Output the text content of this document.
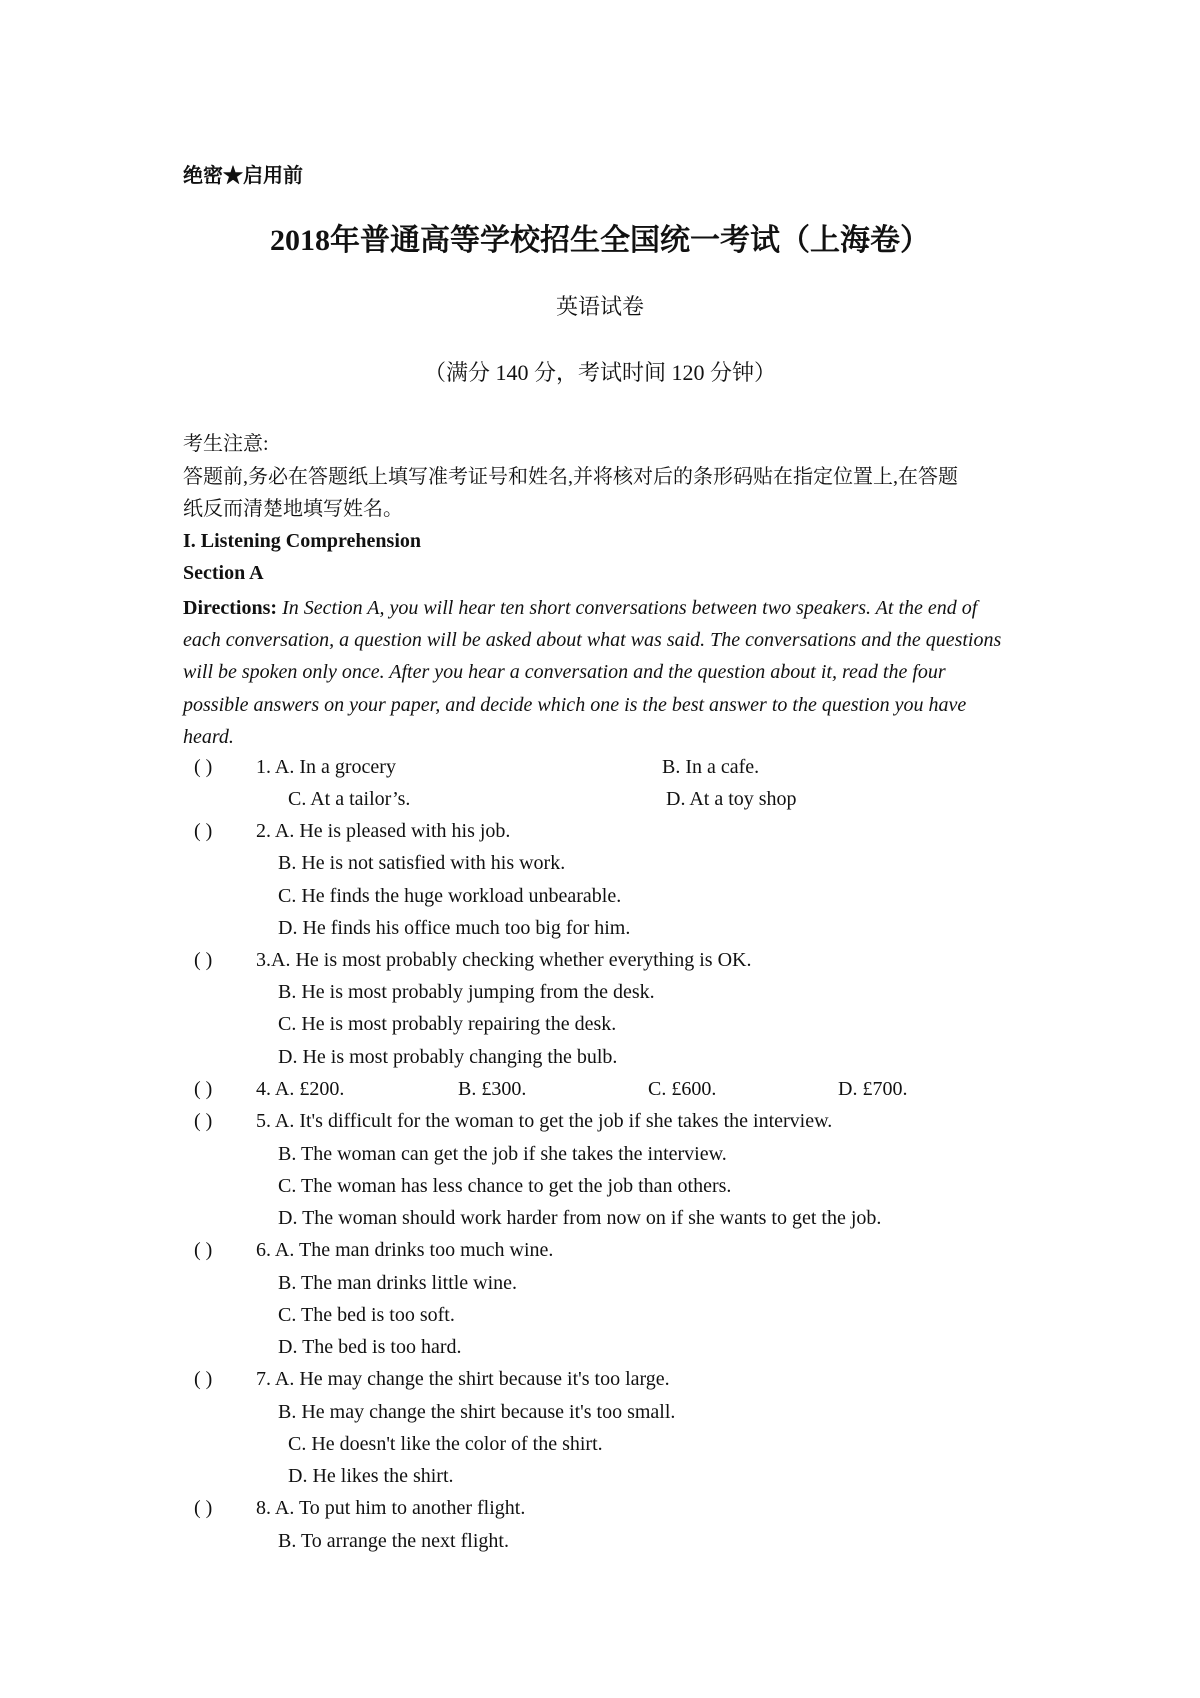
绝密★启用前
2018年普通高等学校招生全国统一考试（上海卷）
英语试卷
（满分 140 分，考试时间 120 分钟）
考生注意:
答题前,务必在答题纸上填写准考证号和姓名,并将核对后的条形码贴在指定位置上,在答题
纸反而清楚地填写姓名。
I. Listening Comprehension
Section A
Directions: In Section A, you will hear ten short conversations between two speakers. At the end of each conversation, a question will be asked about what was said. The conversations and the questions will be spoken only once. After you hear a conversation and the question about it, read the four possible answers on your paper, and decide which one is the best answer to the question you have heard.
( ) 1. A. In a grocery	B. In a cafe.
C. At a tailor’s.	D. At a toy shop
( ) 2. A. He is pleased with his job.
B. He is not satisfied with his work.
C. He finds the huge workload unbearable.
D. He finds his office much too big for him.
( ) 3.A. He is most probably checking whether everything is OK.
B. He is most probably jumping from the desk.
C. He is most probably repairing the desk.
D. He is most probably changing the bulb.
( ) 4. A. £200.	B. £300.	C. £600.	D. £700.
( ) 5. A. It's difficult for the woman to get the job if she takes the interview.
B. The woman can get the job if she takes the interview.
C. The woman has less chance to get the job than others.
D. The woman should work harder from now on if she wants to get the job.
( ) 6. A. The man drinks too much wine.
B. The man drinks little wine.
C. The bed is too soft.
D. The bed is too hard.
( ) 7. A. He may change the shirt because it's too large.
B. He may change the shirt because it's too small.
C. He doesn't like the color of the shirt.
D. He likes the shirt.
( ) 8. A. To put him to another flight.
B. To arrange the next flight.
